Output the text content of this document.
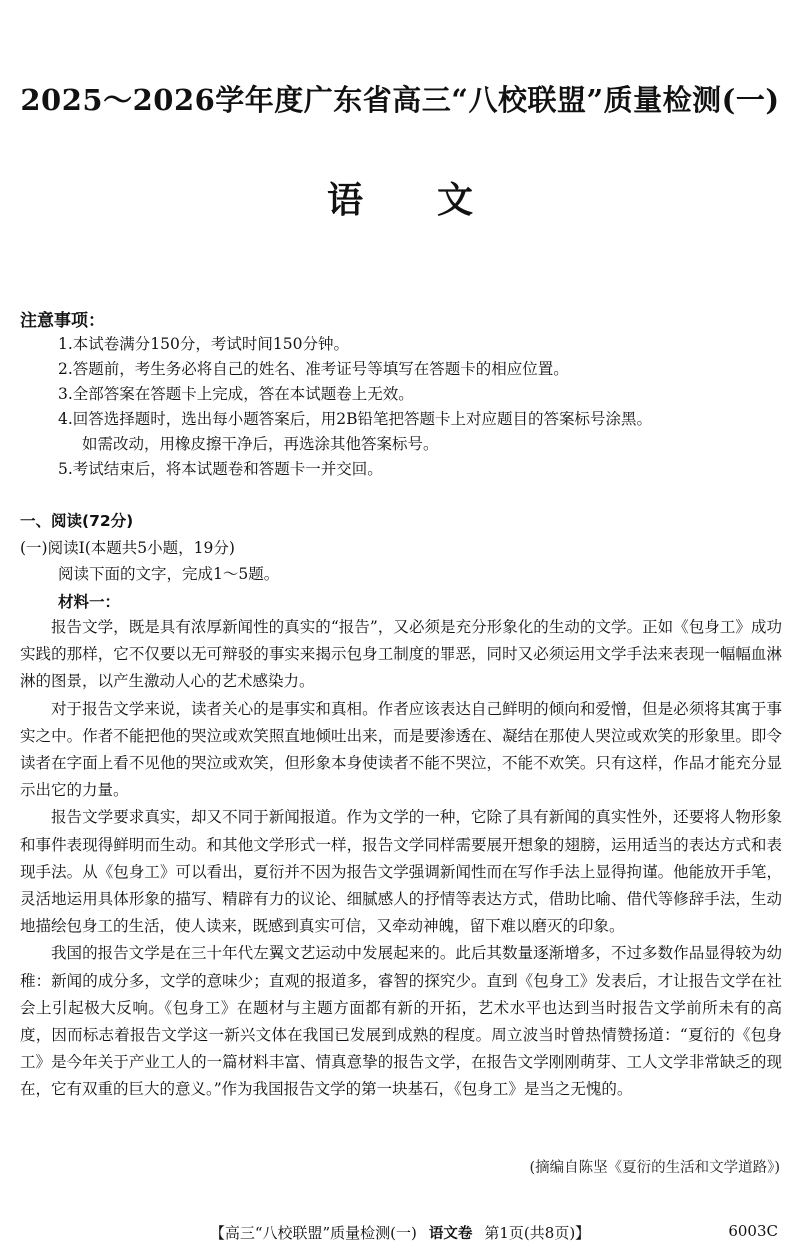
2025～2026学年度广东省高三“八校联盟”质量检测(一)
语文
注意事项：
1.本试卷满分150分，考试时间150分钟。
2.答题前，考生务必将自己的姓名、准考证号等填写在答题卡的相应位置。
3.全部答案在答题卡上完成，答在本试题卷上无效。
4.回答选择题时，选出每小题答案后，用2B铅笔把答题卡上对应题目的答案标号涂黑。
如需改动，用橡皮擦干净后，再选涂其他答案标号。
5.考试结束后，将本试题卷和答题卡一并交回。
一、阅读(72分)
(一)阅读Ⅰ(本题共5小题，19分)
阅读下面的文字，完成1～5题。
材料一：

报告文学，既是具有浓厚新闻性的真实的“报告”，又必须是充分形象化的生动的文学。正如《包身工》成功实践的那样，它不仅要以无可辩驳的事实来揭示包身工制度的罪恶，同时又必须运用文学手法来表现一幅幅血淋淋的图景，以产生激动人心的艺术感染力。

对于报告文学来说，读者关心的是事实和真相。作者应该表达自己鲜明的倾向和爱憎，但是必须将其寓于事实之中。作者不能把他的哭泣或欢笑照直地倾吐出来，而是要渗透在、凝结在那使人哭泣或欢笑的形象里。即令读者在字面上看不见他的哭泣或欢笑，但形象本身使读者不能不哭泣，不能不欢笑。只有这样，作品才能充分显示出它的力量。

报告文学要求真实，却又不同于新闻报道。作为文学的一种，它除了具有新闻的真实性外，还要将人物形象和事件表现得鲜明而生动。和其他文学形式一样，报告文学同样需要展开想象的翅膀，运用适当的表达方式和表现手法。从《包身工》可以看出，夏衍并不因为报告文学强调新闻性而在写作手法上显得拘谨。他能放开手笔，灵活地运用具体形象的描写、精辟有力的议论、细腻感人的抒情等表达方式，借助比喻、借代等修辞手法，生动地描绘包身工的生活，使人读来，既感到真实可信，又牵动神魄，留下难以磨灭的印象。

我国的报告文学是在三十年代左翼文艺运动中发展起来的。此后其数量逐渐增多，不过多数作品显得较为幼稚：新闻的成分多，文学的意味少；直观的报道多，睿智的探究少。直到《包身工》发表后，才让报告文学在社会上引起极大反响。《包身工》在题材与主题方面都有新的开拓，艺术水平也达到当时报告文学前所未有的高度，因而标志着报告文学这一新兴文体在我国已发展到成熟的程度。周立波当时曾热情赞扬道：“夏衍的《包身工》是今年关于产业工人的一篇材料丰富、情真意挚的报告文学，在报告文学刚刚萌芽、工人文学非常缺乏的现在，它有双重的巨大的意义。”作为我国报告文学的第一块基石，《包身工》是当之无愧的。

(摘编自陈坚《夏衍的生活和文学道路》)
【高三“八校联盟”质量检测(一) 语文卷 第1页(共8页)】	6003C
